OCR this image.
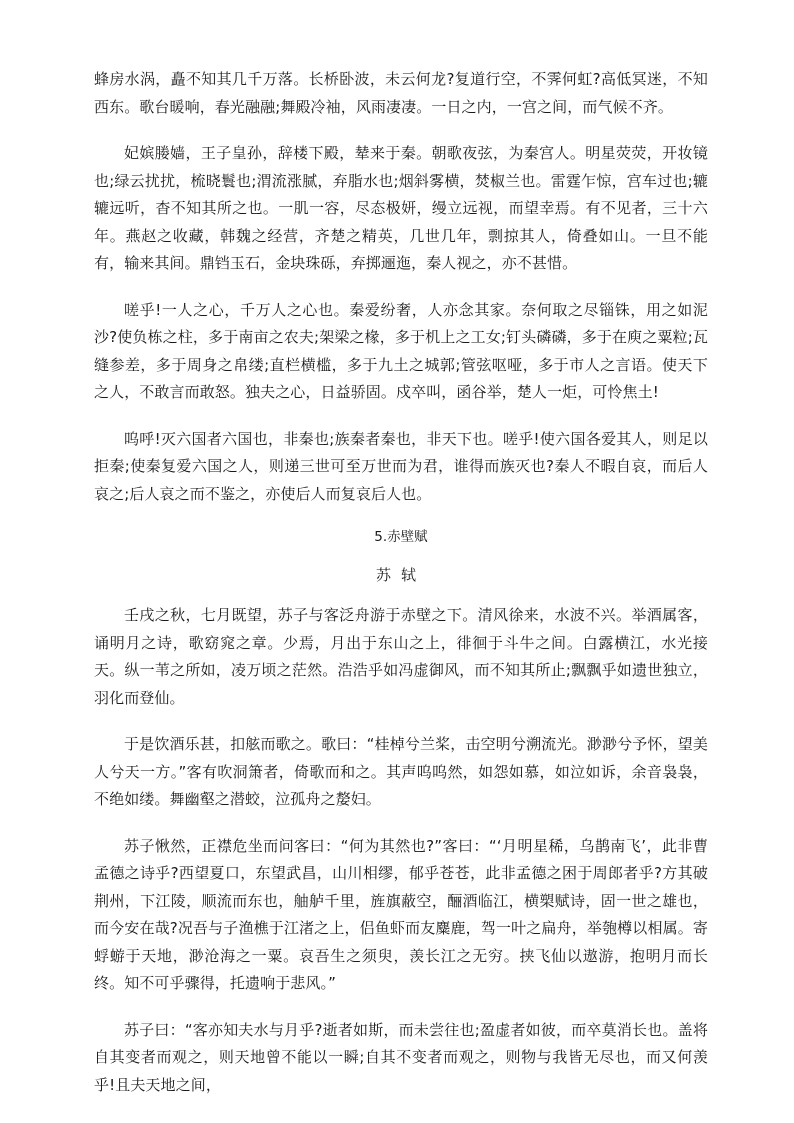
蜂房水涡，矗不知其几千万落。长桥卧波，未云何龙?复道行空，不霁何虹?高低冥迷，不知西东。歌台暖响，春光融融;舞殿冷袖，风雨凄凄。一日之内，一宫之间，而气候不齐。

妃嫔媵嫱，王子皇孙，辞楼下殿，辇来于秦。朝歌夜弦，为秦宫人。明星荧荧，开妆镜也;绿云扰扰，梳晓鬟也;渭流涨腻，弃脂水也;烟斜雾横，焚椒兰也。雷霆乍惊，宫车过也;辘辘远听，杳不知其所之也。一肌一容，尽态极妍，缦立远视，而望幸焉。有不见者，三十六年。燕赵之收藏，韩魏之经营，齐楚之精英，几世几年，剽掠其人，倚叠如山。一旦不能有，输来其间。鼎铛玉石，金块珠砾，弃掷逦迤，秦人视之，亦不甚惜。

嗟乎!一人之心，千万人之心也。秦爱纷奢，人亦念其家。奈何取之尽锱铢，用之如泥沙?使负栋之柱，多于南亩之农夫;架梁之椽，多于机上之工女;钉头磷磷，多于在庾之粟粒;瓦缝参差，多于周身之帛缕;直栏横槛，多于九土之城郭;管弦呕哑，多于市人之言语。使天下之人，不敢言而敢怒。独夫之心，日益骄固。戍卒叫，函谷举，楚人一炬，可怜焦土!

呜呼!灭六国者六国也，非秦也;族秦者秦也，非天下也。嗟乎!使六国各爱其人，则足以拒秦;使秦复爱六国之人，则递三世可至万世而为君，谁得而族灭也?秦人不暇自哀，而后人哀之;后人哀之而不鉴之，亦使后人而复哀后人也。

5.赤壁赋
苏轼

壬戌之秋，七月既望，苏子与客泛舟游于赤壁之下。清风徐来，水波不兴。举酒属客，诵明月之诗，歌窈窕之章。少焉，月出于东山之上，徘徊于斗牛之间。白露横江，水光接天。纵一苇之所如，凌万顷之茫然。浩浩乎如冯虚御风，而不知其所止;飘飘乎如遗世独立，羽化而登仙。

于是饮酒乐甚，扣舷而歌之。歌曰：“桂棹兮兰桨，击空明兮溯流光。渺渺兮予怀，望美人兮天一方。”客有吹洞箫者，倚歌而和之。其声呜呜然，如怨如慕，如泣如诉，余音袅袅，不绝如缕。舞幽壑之潜蛟，泣孤舟之嫠妇。

苏子愀然，正襟危坐而问客曰：“何为其然也?”客曰：“‘月明星稀，乌鹊南飞’，此非曹孟德之诗乎?西望夏口，东望武昌，山川相缪，郁乎苍苍，此非孟德之困于周郎者乎?方其破荆州，下江陵，顺流而东也，舳舻千里，旌旗蔽空，酾酒临江，横槊赋诗，固一世之雄也，而今安在哉?况吾与子渔樵于江渚之上，侣鱼虾而友麋鹿，驾一叶之扁舟，举匏樽以相属。寄蜉蝣于天地，渺沧海之一粟。哀吾生之须臾，羡长江之无穷。挟飞仙以遨游，抱明月而长终。知不可乎骤得，托遗响于悲风。”

苏子曰：“客亦知夫水与月乎?逝者如斯，而未尝往也;盈虚者如彼，而卒莫消长也。盖将自其变者而观之，则天地曾不能以一瞬;自其不变者而观之，则物与我皆无尽也，而又何羡乎!且夫天地之间，
